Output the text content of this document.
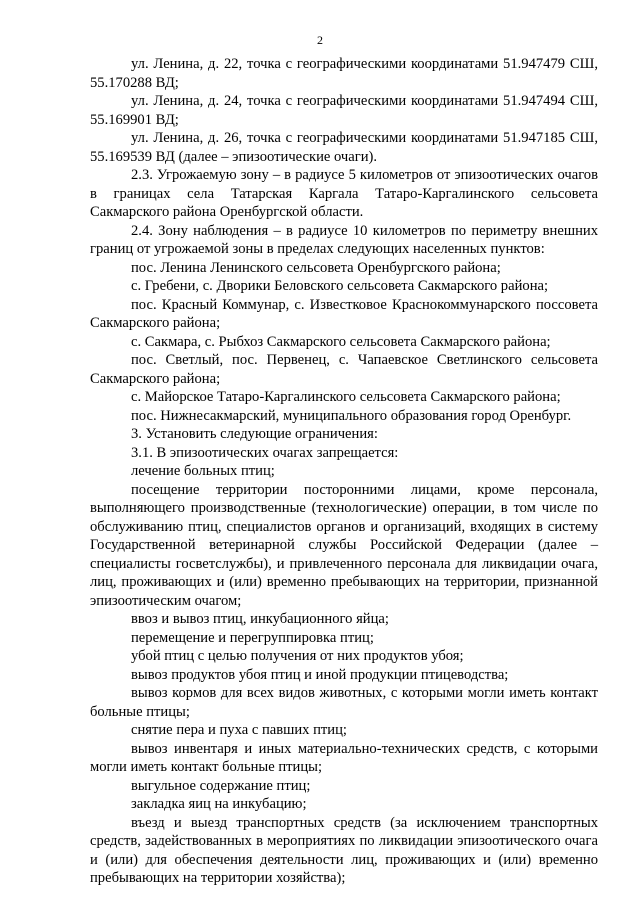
2

ул. Ленина, д. 22, точка с географическими координатами 51.947479 СШ, 55.170288 ВД;

ул. Ленина, д. 24, точка с географическими координатами 51.947494 СШ, 55.169901 ВД;

ул. Ленина, д. 26, точка с географическими координатами 51.947185 СШ, 55.169539 ВД (далее – эпизоотические очаги).

2.3. Угрожаемую зону – в радиусе 5 километров от эпизоотических очагов в границах села Татарская Каргала Татаро-Каргалинского сельсовета Сакмарского района Оренбургской области.

2.4. Зону наблюдения – в радиусе 10 километров по периметру внешних границ от угрожаемой зоны в пределах следующих населенных пунктов:

пос. Ленина Ленинского сельсовета Оренбургского района;

с. Гребени, с. Дворики Беловского сельсовета Сакмарского района;

пос. Красный Коммунар, с. Известковое Краснокоммунарского поссовета Сакмарского района;

с. Сакмара, с. Рыбхоз Сакмарского сельсовета Сакмарского района;

пос. Светлый, пос. Первенец, с. Чапаевское Светлинского сельсовета Сакмарского района;

с. Майорское Татаро-Каргалинского сельсовета Сакмарского района;

пос. Нижнесакмарский, муниципального образования город Оренбург.

3. Установить следующие ограничения:

3.1. В эпизоотических очагах запрещается:

лечение больных птиц;

посещение территории посторонними лицами, кроме персонала, выполняющего производственные (технологические) операции, в том числе по обслуживанию птиц, специалистов органов и организаций, входящих в систему Государственной ветеринарной службы Российской Федерации (далее – специалисты госветслужбы), и привлеченного персонала для ликвидации очага, лиц, проживающих и (или) временно пребывающих на территории, признанной эпизоотическим очагом;

ввоз и вывоз птиц, инкубационного яйца;

перемещение и перегруппировка птиц;

убой птиц с целью получения от них продуктов убоя;

вывоз продуктов убоя птиц и иной продукции птицеводства;

вывоз кормов для всех видов животных, с которыми могли иметь контакт больные птицы;

снятие пера и пуха с павших птиц;

вывоз инвентаря и иных материально-технических средств, с которыми могли иметь контакт больные птицы;

выгульное содержание птиц;

закладка яиц на инкубацию;

въезд и выезд транспортных средств (за исключением транспортных средств, задействованных в мероприятиях по ликвидации эпизоотического очага и (или) для обеспечения деятельности лиц, проживающих и (или) временно пребывающих на территории хозяйства);
